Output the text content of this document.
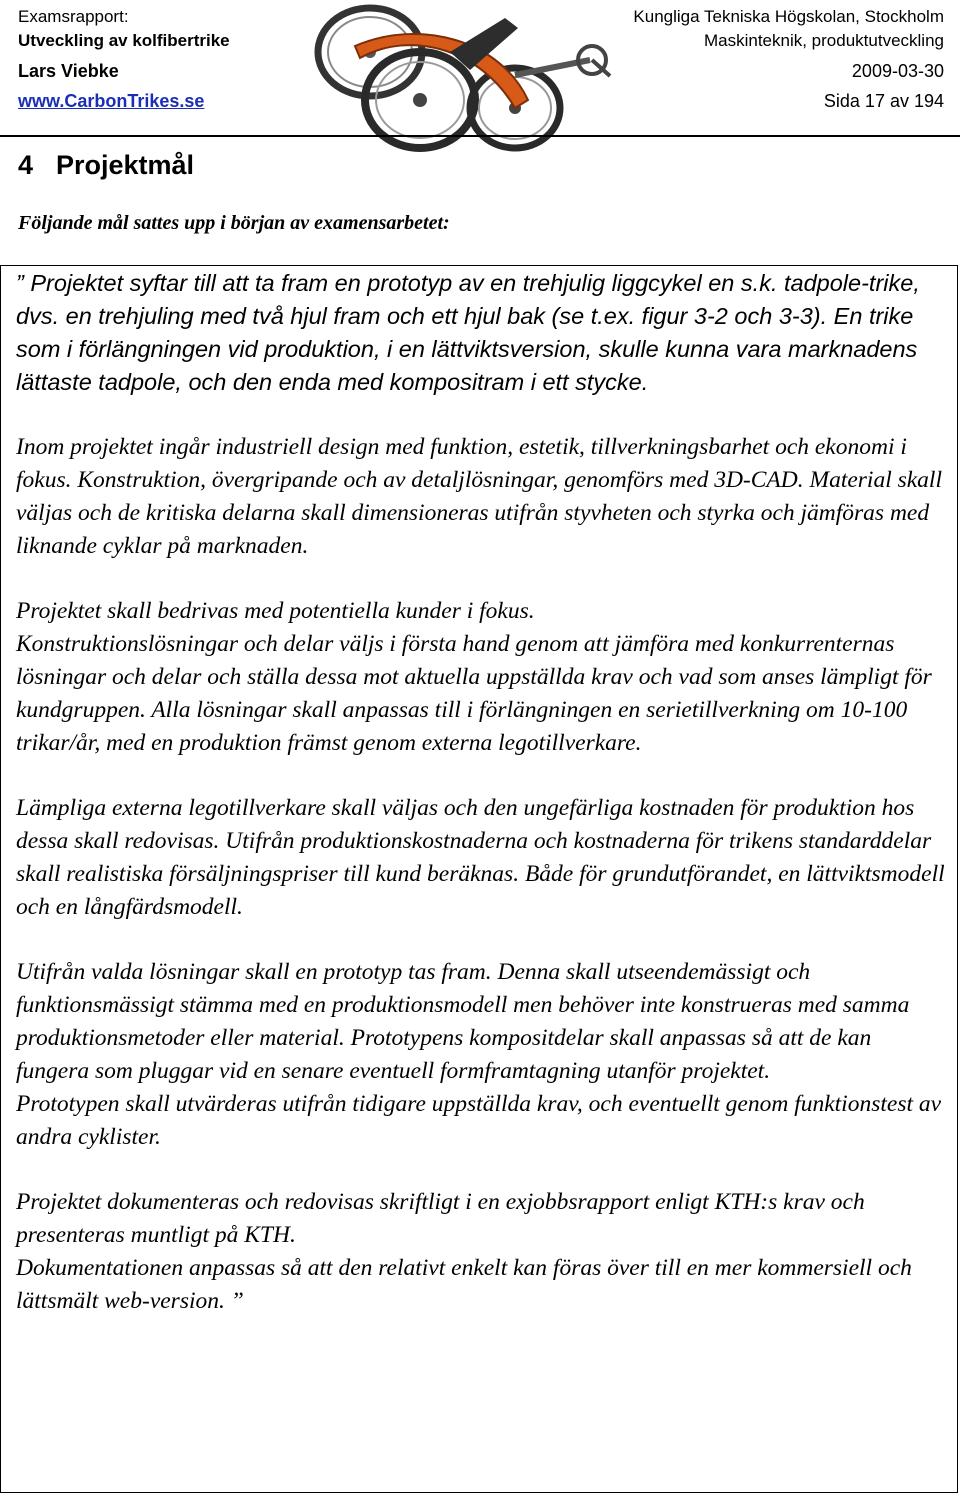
Examsrapport:
Utveckling av kolfibertrike
Lars Viebke
www.CarbonTrikes.se
Kungliga Tekniska Högskolan, Stockholm
Maskinteknik, produktutveckling
2009-03-30
Sida 17 av 194
4 Projektmål
Följande mål sattes upp i början av examensarbetet:

” Projektet syftar till att ta fram en prototyp av en trehjulig liggcykel en s.k. tadpole-trike, dvs. en trehjuling med två hjul fram och ett hjul bak (se t.ex. figur 3-2 och 3-3). En trike som i förlängningen vid produktion, i en lättviktsversion, skulle kunna vara marknadens lättaste tadpole, och den enda med kompositram i ett stycke.

Inom projektet ingår industriell design med funktion, estetik, tillverkningsbarhet och ekonomi i fokus. Konstruktion, övergripande och av detaljlösningar, genomförs med 3D-CAD. Material skall väljas och de kritiska delarna skall dimensioneras utifrån styvheten och styrka och jämföras med liknande cyklar på marknaden.

Projektet skall bedrivas med potentiella kunder i fokus.

Konstruktionslösningar och delar väljs i första hand genom att jämföra med konkurrenternas lösningar och delar och ställa dessa mot aktuella uppställda krav och vad som anses lämpligt för kundgruppen. Alla lösningar skall anpassas till i förlängningen en serietillverkning om 10-100 trikar/år, med en produktion främst genom externa legotillverkare.

Lämpliga externa legotillverkare skall väljas och den ungefärliga kostnaden för produktion hos dessa skall redovisas. Utifrån produktionskostnaderna och kostnaderna för trikens standarddelar skall realistiska försäljningspriser till kund beräknas. Både för grundutförandet, en lättviktsmodell och en långfärdsmodell.

Utifrån valda lösningar skall en prototyp tas fram. Denna skall utseendemässigt och funktionsmässigt stämma med en produktionsmodell men behöver inte konstrueras med samma produktionsmetoder eller material. Prototypens kompositdelar skall anpassas så att de kan fungera som pluggar vid en senare eventuell formframtagning utanför projektet.

Prototypen skall utvärderas utifrån tidigare uppställda krav, och eventuellt genom funktionstest av andra cyklister.

Projektet dokumenteras och redovisas skriftligt i en exjobbsrapport enligt KTH:s krav och presenteras muntligt på KTH.

Dokumentationen anpassas så att den relativt enkelt kan föras över till en mer kommersiell och lättsmält web-version. ”
